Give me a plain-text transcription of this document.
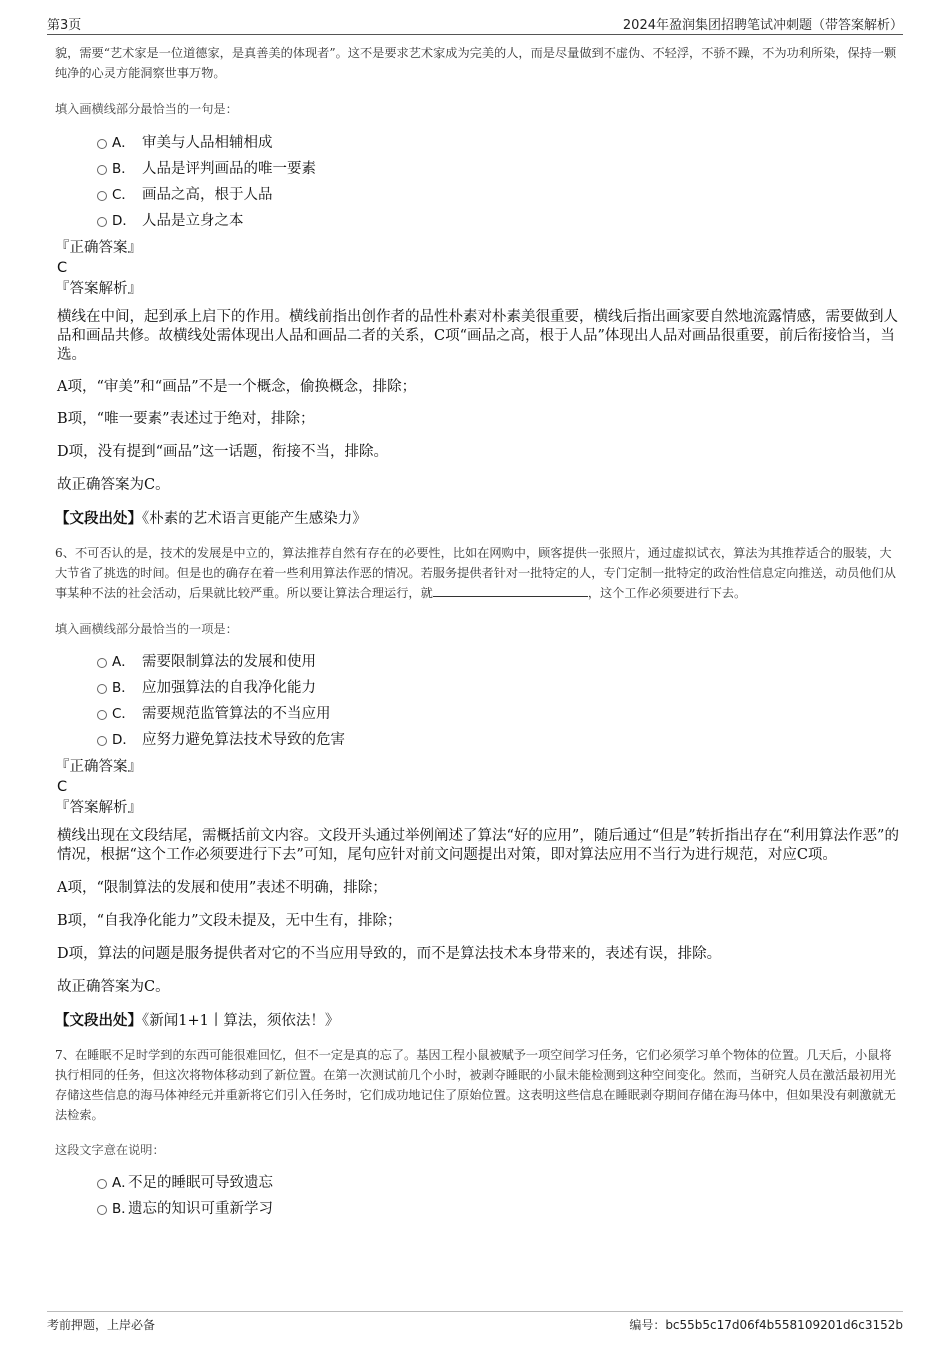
第3页	2024年盈润集团招聘笔试冲刺题（带答案解析）

貌，需要“艺术家是一位道德家，是真善美的体现者”。这不是要求艺术家成为完美的人，而是尽量做到不虚伪、不轻浮，不骄不躁，不为功利所染，保持一颗纯净的心灵方能洞察世事万物。

填入画横线部分最恰当的一句是：

A． 审美与人品相辅相成
B． 人品是评判画品的唯一要素
C． 画品之高，根于人品
D． 人品是立身之本

『正确答案』

C

『答案解析』

横线在中间，起到承上启下的作用。横线前指出创作者的品性朴素对朴素美很重要，横线后指出画家要自然地流露情感，需要做到人品和画品共修。故横线处需体现出人品和画品二者的关系，C项“画品之高，根于人品”体现出人品对画品很重要，前后衔接恰当，当选。

A项，“审美”和“画品”不是一个概念，偷换概念，排除；

B项，“唯一要素”表述过于绝对，排除；

D项，没有提到“画品”这一话题，衔接不当，排除。

故正确答案为C。

【文段出处】《朴素的艺术语言更能产生感染力》

6、不可否认的是，技术的发展是中立的，算法推荐自然有存在的必要性，比如在网购中，顾客提供一张照片，通过虚拟试衣，算法为其推荐适合的服装，大大节省了挑选的时间。但是也的确存在着一些利用算法作恶的情况。若服务提供者针对一批特定的人，专门定制一批特定的政治性信息定向推送，动员他们从事某种不法的社会活动，后果就比较严重。所以要让算法合理运行，就	，这个工作必须要进行下去。

填入画横线部分最恰当的一项是：

A． 需要限制算法的发展和使用
B． 应加强算法的自我净化能力
C． 需要规范监管算法的不当应用
D． 应努力避免算法技术导致的危害

『正确答案』

C

『答案解析』

横线出现在文段结尾，需概括前文内容。文段开头通过举例阐述了算法“好的应用”，随后通过“但是”转折指出存在“利用算法作恶”的情况，根据“这个工作必须要进行下去”可知，尾句应针对前文问题提出对策，即对算法应用不当行为进行规范，对应C项。

A项，“限制算法的发展和使用”表述不明确，排除；

B项，“自我净化能力”文段未提及，无中生有，排除；

D项，算法的问题是服务提供者对它的不当应用导致的，而不是算法技术本身带来的，表述有误，排除。

故正确答案为C。

【文段出处】《新闻1+1丨算法，须依法！》

7、在睡眠不足时学到的东西可能很难回忆，但不一定是真的忘了。基因工程小鼠被赋予一项空间学习任务，它们必须学习单个物体的位置。几天后，小鼠将执行相同的任务，但这次将物体移动到了新位置。在第一次测试前几个小时，被剥夺睡眠的小鼠未能检测到这种空间变化。然而，当研究人员在激活最初用光存储这些信息的海马体神经元并重新将它们引入任务时，它们成功地记住了原始位置。这表明这些信息在睡眠剥夺期间存储在海马体中，但如果没有刺激就无法检索。

这段文字意在说明：

A．不足的睡眠可导致遗忘
B．遗忘的知识可重新学习
考前押题，上岸必备	编号：bc55b5c17d06f4b558109201d6c3152b
